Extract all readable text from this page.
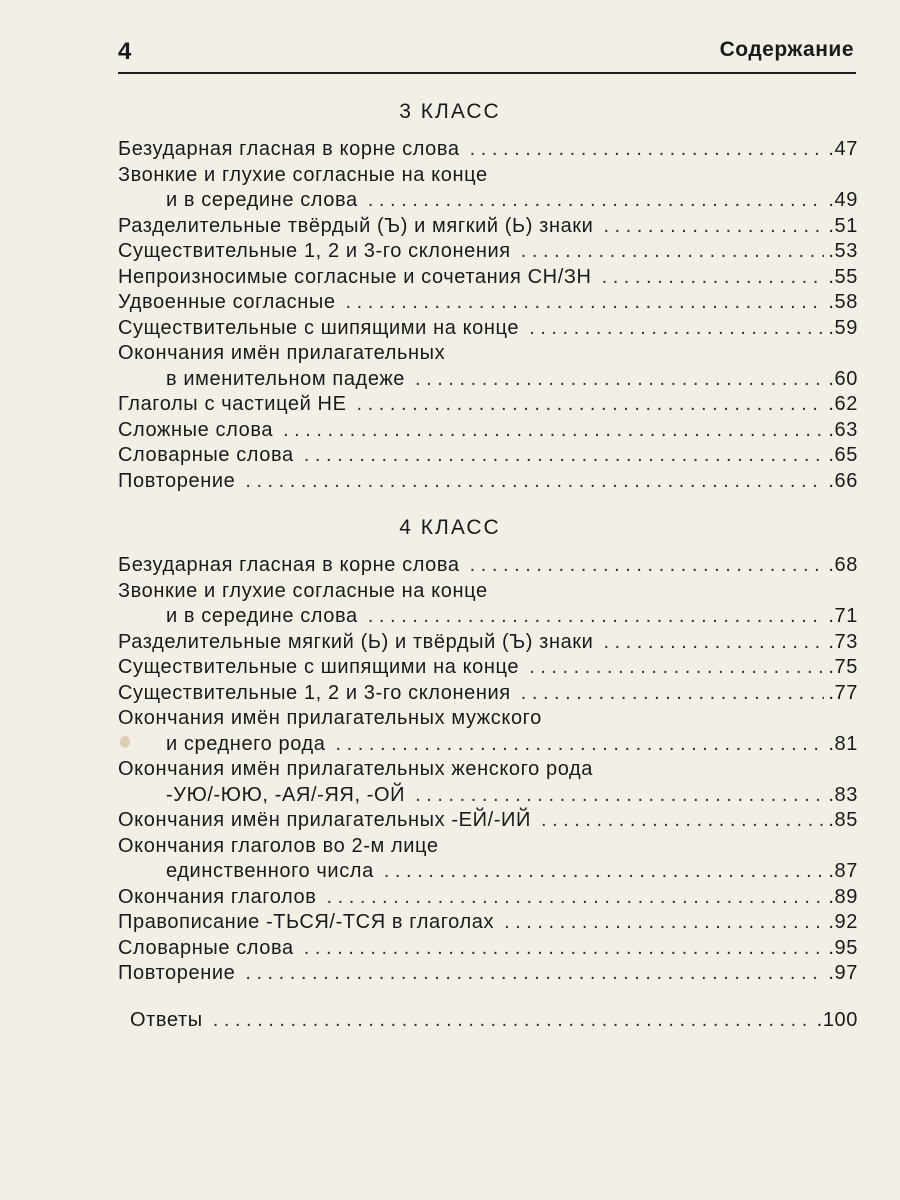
4	Содержание
3 КЛАСС
Безударная гласная в корне слова . . .	.47
Звонкие и глухие согласные на конце
и в середине слова . . .	.49
Разделительные твёрдый (Ъ) и мягкий (Ь) знаки . . .	.51
Существительные 1, 2 и 3-го склонения . . .	.53
Непроизносимые согласные и сочетания СН/ЗН . . .	.55
Удвоенные согласные . . .	.58
Существительные с шипящими на конце . . .	.59
Окончания имён прилагательных
в именительном падеже . . .	.60
Глаголы с частицей НЕ . . .	.62
Сложные слова . . .	.63
Словарные слова . . .	.65
Повторение . . .	.66
4 КЛАСС
Безударная гласная в корне слова . . .	.68
Звонкие и глухие согласные на конце
и в середине слова . . .	.71
Разделительные мягкий (Ь) и твёрдый (Ъ) знаки . . .	.73
Существительные с шипящими на конце . . .	.75
Существительные 1, 2 и 3-го склонения . . .	.77
Окончания имён прилагательных мужского
и среднего рода . . .	.81
Окончания имён прилагательных женского рода
-УЮ/-ЮЮ, -АЯ/-ЯЯ, -ОЙ . . .	.83
Окончания имён прилагательных -ЕЙ/-ИЙ . . .	.85
Окончания глаголов во 2-м лице
единственного числа . . .	.87
Окончания глаголов . . .	.89
Правописание -ТЬСЯ/-ТСЯ в глаголах . . .	.92
Словарные слова . . .	.95
Повторение . . .	.97
Ответы . . .	.100
